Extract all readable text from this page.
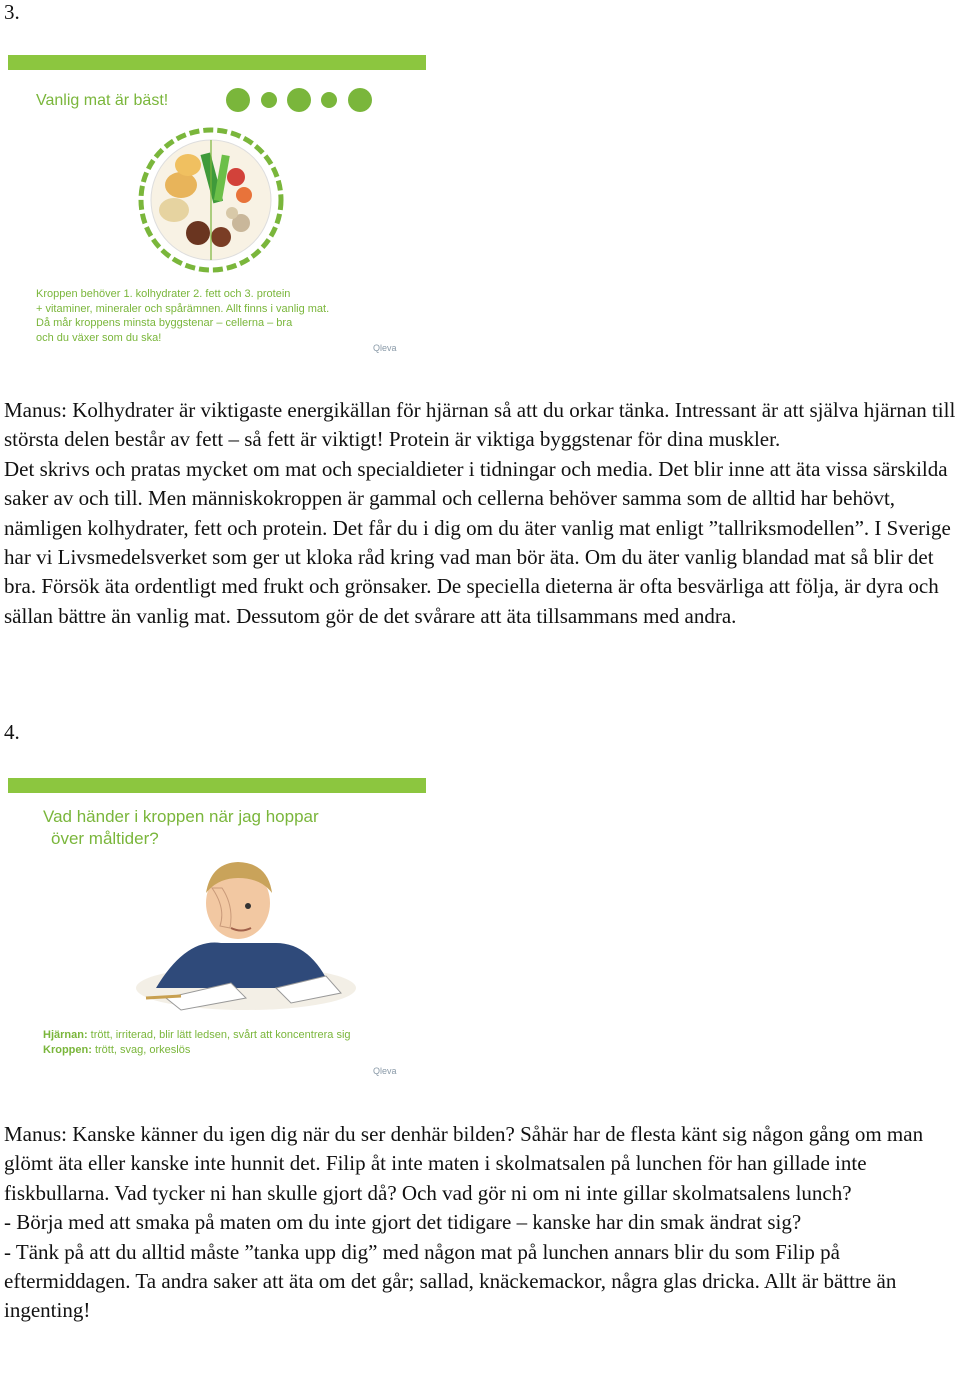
3.
Vanlig mat är bäst!
Kroppen behöver 1. kolhydrater 2. fett och 3. protein
+ vitaminer, mineraler och spårämnen. Allt finns i vanlig mat.
Då mår kroppens minsta byggstenar – cellerna – bra
och du växer som du ska!
Qleva

Manus: Kolhydrater är viktigaste energikällan för hjärnan så att du orkar tänka. Intressant är att själva hjärnan till största delen består av fett – så fett är viktigt! Protein är viktiga byggstenar för dina muskler.

Det skrivs och pratas mycket om mat och specialdieter i tidningar och media. Det blir inne att äta vissa särskilda saker av och till. Men människokroppen är gammal och cellerna behöver samma som de alltid har behövt, nämligen kolhydrater, fett och protein. Det får du i dig om du äter vanlig mat enligt ”tallriksmodellen”. I Sverige har vi Livsmedelsverket som ger ut kloka råd kring vad man bör äta. Om du äter vanlig blandad mat så blir det bra. Försök äta ordentligt med frukt och grönsaker. De speciella dieterna är ofta besvärliga att följa, är dyra och sällan bättre än vanlig mat. Dessutom gör de det svårare att äta tillsammans med andra.

4.
Vad händer i kroppen när jag hoppar
över måltider?
Hjärnan: trött, irriterad, blir lätt ledsen, svårt att koncentrera sig
Kroppen: trött, svag, orkeslös
Qleva

Manus: Kanske känner du igen dig när du ser denhär bilden? Såhär har de flesta känt sig någon gång om man glömt äta eller kanske inte hunnit det. Filip åt inte maten i skolmatsalen på lunchen för han gillade inte fiskbullarna. Vad tycker ni han skulle gjort då? Och vad gör ni om ni inte gillar skolmatsalens lunch?

- Börja med att smaka på maten om du inte gjort det tidigare – kanske har din smak ändrat sig?

- Tänk på att du alltid måste ”tanka upp dig” med någon mat på lunchen annars blir du som Filip på eftermiddagen. Ta andra saker att äta om det går; sallad, knäckemackor, några glas dricka. Allt är bättre än ingenting!
